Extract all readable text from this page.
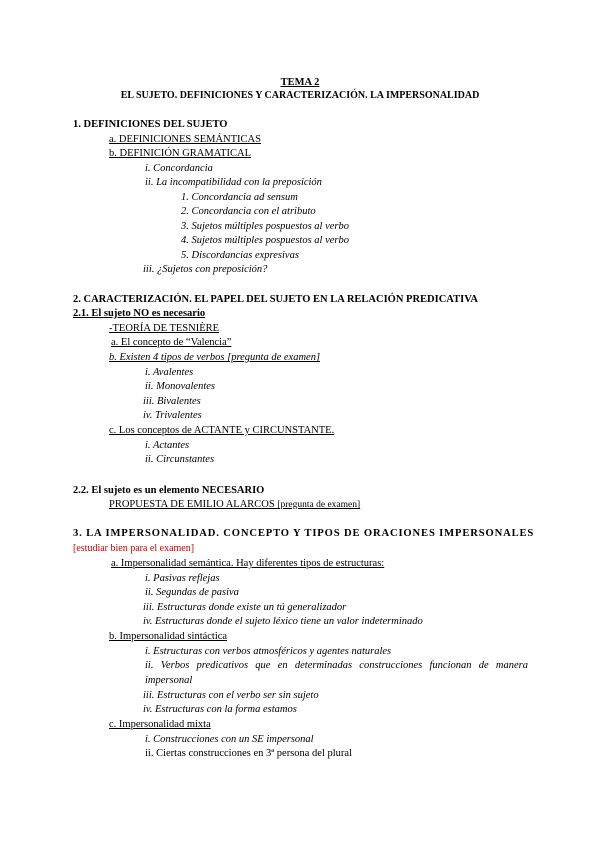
TEMA 2
EL SUJETO. DEFINICIONES Y CARACTERIZACIÓN. LA IMPERSONALIDAD
1. DEFINICIONES DEL SUJETO
a. DEFINICIONES SEMÁNTICAS
b. DEFINICIÓN GRAMATICAL
i. Concordancia
ii. La incompatibilidad con la preposición
1. Concordancia ad sensum
2. Concordancia con el atributo
3. Sujetos múltiples pospuestos al verbo
4. Sujetos múltiples pospuestos al verbo
5. Discordancias expresivas
iii. ¿Sujetos con preposición?
2. CARACTERIZACIÓN. EL PAPEL DEL SUJETO EN LA RELACIÓN PREDICATIVA
2.1. El sujeto NO es necesario
-TEORÍA DE TESNIÈRE
a. El concepto de “Valencia”
b. Existen 4 tipos de verbos [pregunta de examen]
i. Avalentes
ii. Monovalentes
iii. Bivalentes
iv. Trivalentes
c. Los conceptos de ACTANTE y CIRCUNSTANTE.
i. Actantes
ii. Circunstantes
2.2. El sujeto es un elemento NECESARIO
PROPUESTA DE EMILIO ALARCOS [pregunta de examen]
3. LA IMPERSONALIDAD. CONCEPTO Y TIPOS DE ORACIONES IMPERSONALES
[estudiar bien para el examen]
a. Impersonalidad semántica. Hay diferentes tipos de estructuras:
i. Pasivas reflejas
ii. Segundas de pasiva
iii. Estructuras donde existe un tú generalizador
iv. Estructuras donde el sujeto léxico tiene un valor indeterminado
b. Impersonalidad sintáctica
i. Estructuras con verbos atmosféricos y agentes naturales
ii. Verbos predicativos que en determinadas construcciones funcionan de manera
impersonal
iii. Estructuras con el verbo ser sin sujeto
iv. Estructuras con la forma estamos
c. Impersonalidad mixta
i. Construcciones con un SE impersonal
ii. Ciertas construcciones en 3ª persona del plural
